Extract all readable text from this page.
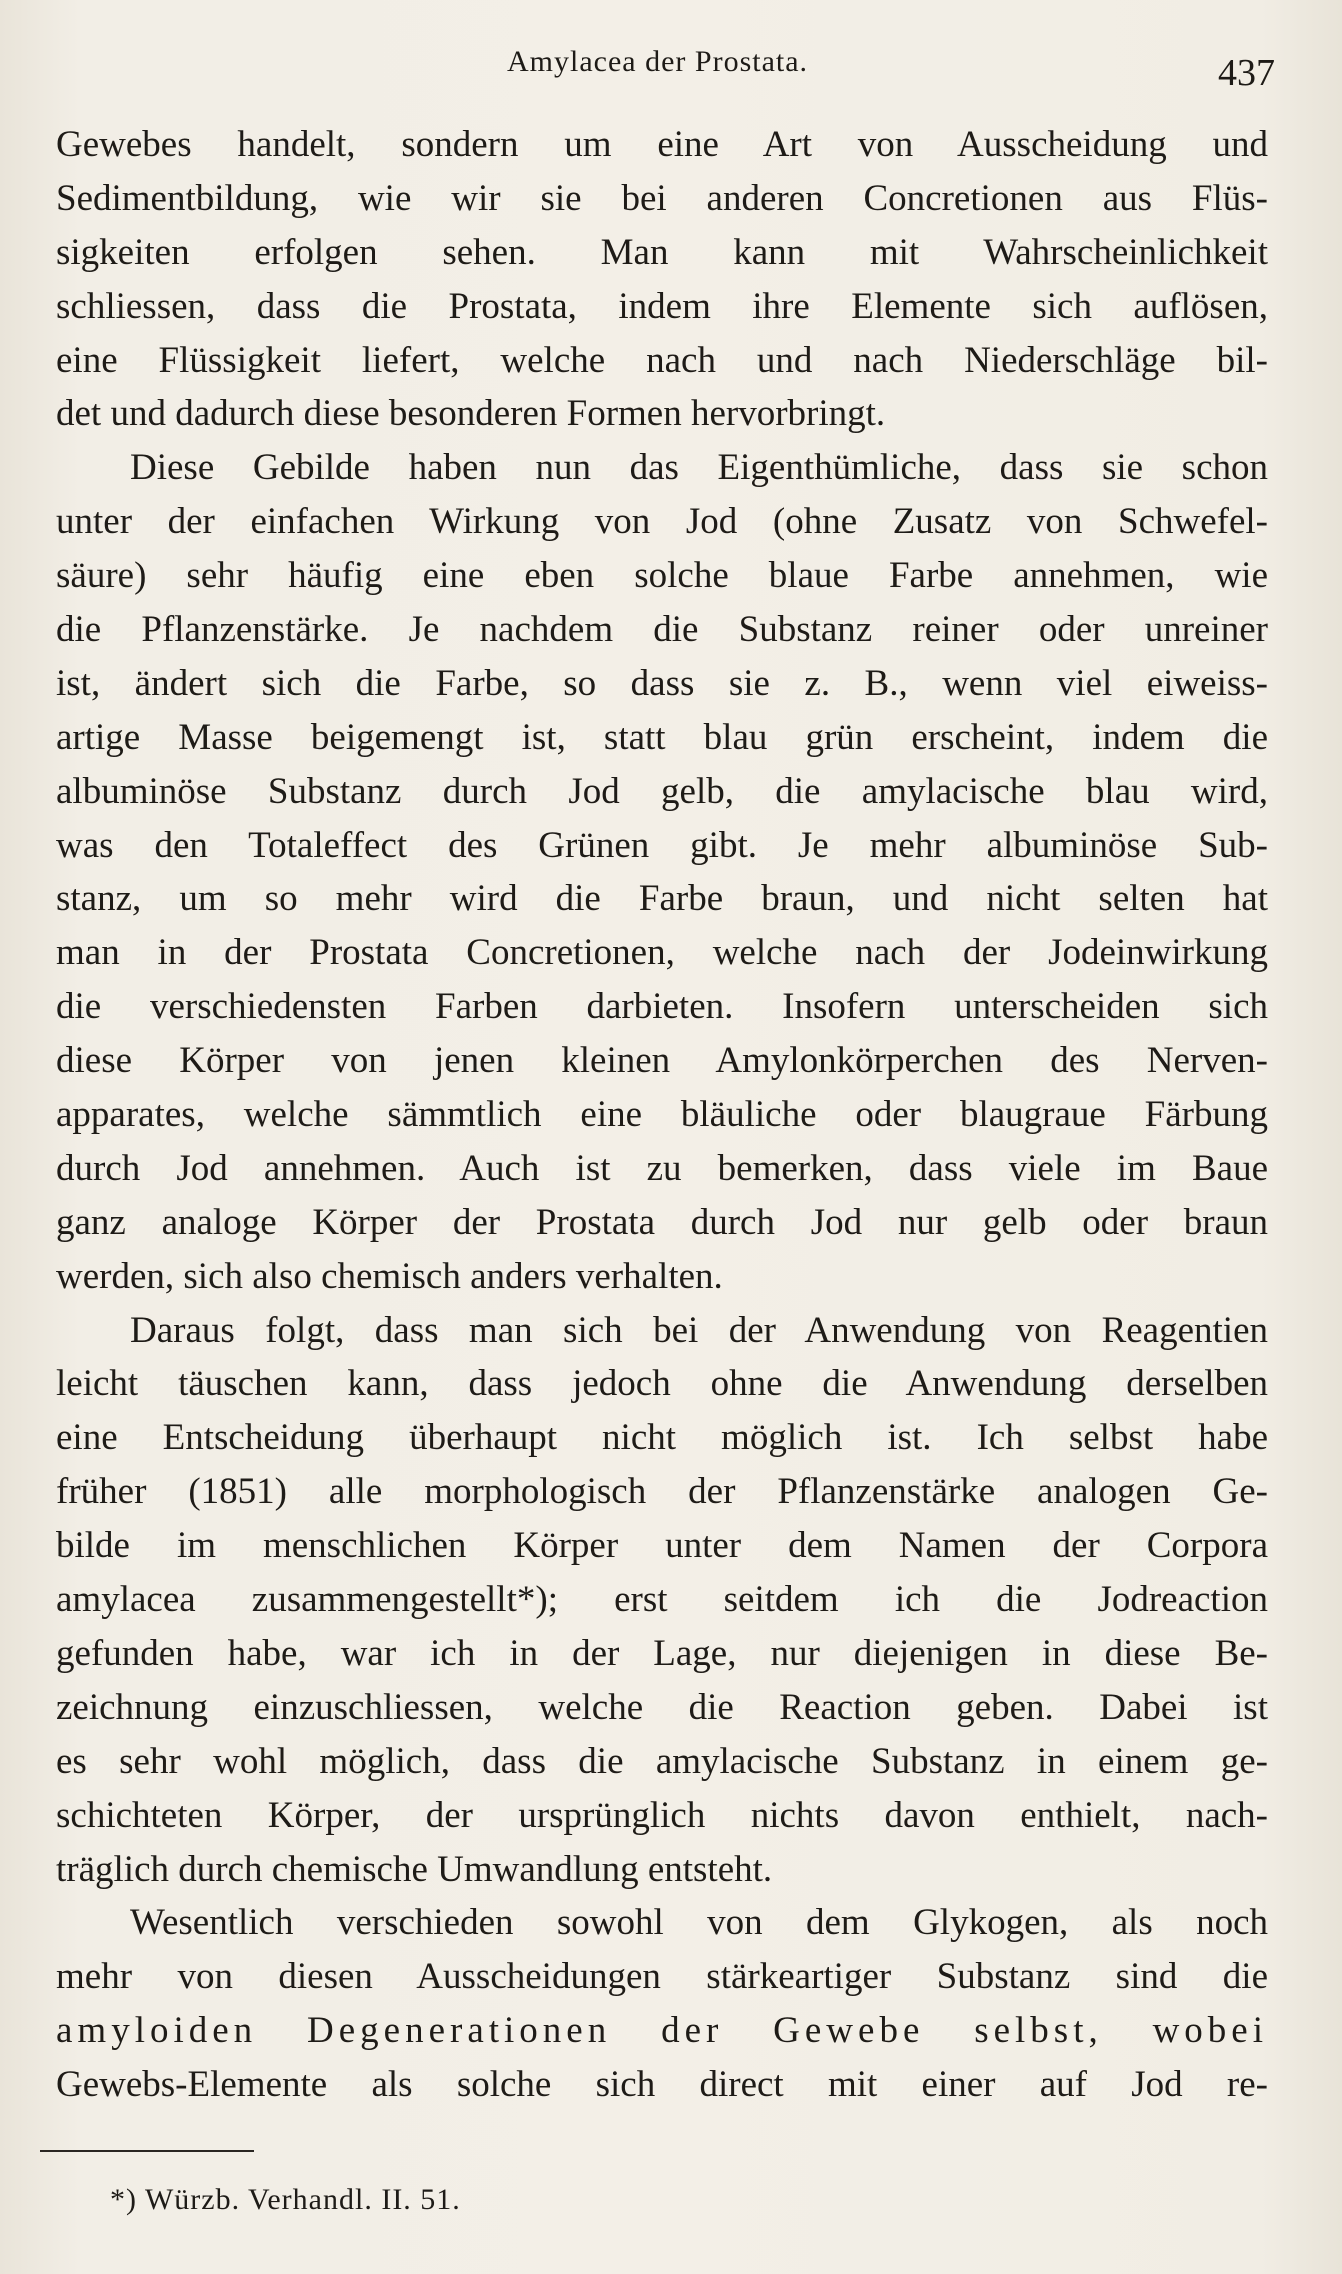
Amylacea der Prostata.	437
Gewebes handelt, sondern um eine Art von Ausscheidung und
Sedimentbildung, wie wir sie bei anderen Concretionen aus Flüs-
sigkeiten erfolgen sehen. Man kann mit Wahrscheinlichkeit
schliessen, dass die Prostata, indem ihre Elemente sich auflösen,
eine Flüssigkeit liefert, welche nach und nach Niederschläge bil-
det und dadurch diese besonderen Formen hervorbringt.
Diese Gebilde haben nun das Eigenthümliche, dass sie schon
unter der einfachen Wirkung von Jod (ohne Zusatz von Schwefel-
säure) sehr häufig eine eben solche blaue Farbe annehmen, wie
die Pflanzenstärke. Je nachdem die Substanz reiner oder unreiner
ist, ändert sich die Farbe, so dass sie z. B., wenn viel eiweiss-
artige Masse beigemengt ist, statt blau grün erscheint, indem die
albuminöse Substanz durch Jod gelb, die amylacische blau wird,
was den Totaleffect des Grünen gibt. Je mehr albuminöse Sub-
stanz, um so mehr wird die Farbe braun, und nicht selten hat
man in der Prostata Concretionen, welche nach der Jodeinwirkung
die verschiedensten Farben darbieten. Insofern unterscheiden sich
diese Körper von jenen kleinen Amylonkörperchen des Nerven-
apparates, welche sämmtlich eine bläuliche oder blaugraue Färbung
durch Jod annehmen. Auch ist zu bemerken, dass viele im Baue
ganz analoge Körper der Prostata durch Jod nur gelb oder braun
werden, sich also chemisch anders verhalten.
Daraus folgt, dass man sich bei der Anwendung von Reagentien
leicht täuschen kann, dass jedoch ohne die Anwendung derselben
eine Entscheidung überhaupt nicht möglich ist. Ich selbst habe
früher (1851) alle morphologisch der Pflanzenstärke analogen Ge-
bilde im menschlichen Körper unter dem Namen der Corpora
amylacea zusammengestellt*); erst seitdem ich die Jodreaction
gefunden habe, war ich in der Lage, nur diejenigen in diese Be-
zeichnung einzuschliessen, welche die Reaction geben. Dabei ist
es sehr wohl möglich, dass die amylacische Substanz in einem ge-
schichteten Körper, der ursprünglich nichts davon enthielt, nach-
träglich durch chemische Umwandlung entsteht.
Wesentlich verschieden sowohl von dem Glykogen, als noch
mehr von diesen Ausscheidungen stärkeartiger Substanz sind die
amyloiden Degenerationen der Gewebe selbst, wobei
Gewebs-Elemente als solche sich direct mit einer auf Jod re-
*) Würzb. Verhandl. II. 51.
